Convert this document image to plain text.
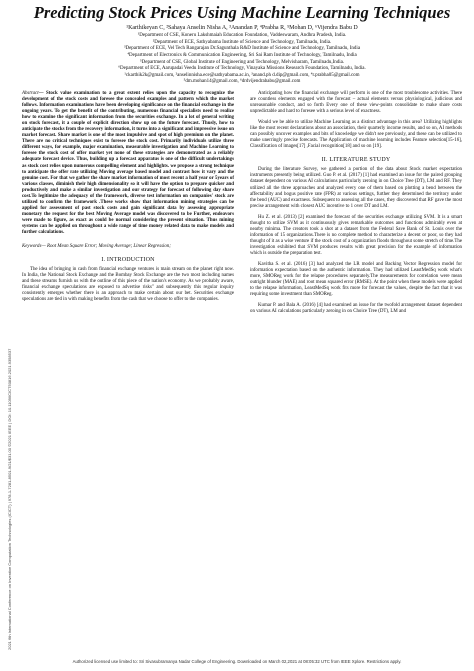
2021 6th International Conference on Inventive Computation Technologies (ICICT) | 978-1-7281-8501-9/21/$31.00 ©2021 IEEE | DOI: 10.1109/ICICT50816.2021.9358537
Predicting Stock Prices Using Machine Learning Techniques
¹Karthikeyan C, ²Sahaya Anselin Nisha A, ³Anandan P, ⁴Prabha R, ⁵Mohan D, ⁶Vijendra Babu D
¹Department of CSE, Koneru Lakshmaiah Education Foundation, Vaddeswaram, Andhra Pradesh, India.
²Department of ECE, Sathyabama Institute of Science and Technology, Tamilnadu, India.
³Department of ECE, Vel Tech Rangarajan Dr.Sagunthala R&D Institute of Science and Technology, Tamilnadu, India
⁴Department of Electronics & Communication Engineering, Sri Sai Ram Institute of Technology, Tamilnadu, India
⁵Department of CSE, Global Institute of Engineering and Technology, Melvisharam, Tamilnadu,India.
⁶Department of ECE, Aarupadai Veedu Institute of Technology, Vinayaka Missions Research Foundation, Tamilnadu, India.
¹ckarthik2k@gmail.com, ²anselinnisha.ece@sathyabama.ac.in, ³anand.ph d.dip@gmail.com, ⁴r.prabha05@gmail.com
⁵dm.mohan14@gmail.com, ⁶drdvijendrababu@gmail.com
Abstract— Stock value examination to a great extent relies upon the capacity to recognize the development of the stock costs and foresee the concealed examples and pattern which the market follows. Information examinations have been developing significance on the financial exchange in the ongoing years. To get the benefit of the contributing, numerous financial specialists need to realize how to examine the significant information from the securities exchange. In a lot of general writing on stock forecast, it a couple of explicit direction show up on the future forecast. Thusly, how to anticipate the stocks from the recovery information, it turns into a significant and impressive issue on market forecast. Share market is one of the most impulsive and spot of high premium on the planet. There are no critical techniques exist to foresee the stock cost. Primarily individuals utilize three different ways, for example, major examination, measurable investigation and Machine Learning to foresee the stock cost of offer market yet none of these strategies are demonstrated as a reliably adequate forecast device. Thus, building up a forecast apparatus is one of the difficult undertakings as stock cost relies upon numerous compelling element and highlights. we propose a strong technique to anticipate the offer rate utilizing Moving average based model and contrast how it vary and the genuine cost. For that we gather the share market information of most recent a half year or 5years of various classes, diminish their high dimensionality so it will have the option to prepare quicker and productively and make a similar investigation and our strategy for forecast of following day share cost.To legitimize the adequacy of the framework, diverse test information on companies' stock are utilized to confirm the framework .These works show that information mining strategies can be applied for assessment of past stock costs and gain significant data by assessing appropriate monetary the request for the best Moving Average model was discovered to be Further, endeavors were made to figure, as exact as could be normal considering the present situation. Thus mining systems can be applied on throughout a wide range of time money related data to make models and further calculations.
Keywords— Root Mean Square Error; Moving Average; Linear Regression;
I. INTRODUCTION

The idea of bringing in cash from financial exchange ventures is main stream on the planet right now. In India, the National Stock Exchange and the Bombay Stock Exchange are the two most including names and these streams furnish us with the outline of this piece of the nation's economy. As we probably aware, financial exchange speculations are exposed to advertise risks" and subsequently this regular inquiry consistently emerges whether there is an approach to make certain about our bet. Securities exchange speculations are tied in with making benefits from the cash that we choose to offer to the companies.

Anticipating how the financial exchange will perform is one of the most troublesome activities. There are countless elements engaged with the forecast – actual elements versus physiological, judicious and unreasonable conduct, and so forth Every one of these view-points consolidate to make share costs unpredictable and hard to foresee with a serious level of exactness.

Would we be able to utilize Machine Learning as a distinct advantage in this area? Utilizing highlights like the most recent declarations about an association, their quarterly income results, and so on, AI methods can possibly uncover examples and bits of knowledge we didn't see previously, and these can be utilized to make unerringly precise forecasts. The Application of machine learning includes Feature selection[15-16], Classification of images[17] ,Facial recognition[18] and so on [19].

II. LITERATURE STUDY

During the literature Survey, we gathered a portion of the data about Stock market expectation instruments presently being utilized. Guo P. et al. (2017) [1] had examined an issue for the paired grouping dataset dependent on various AI calculations particularly zeroing in on Choice Tree (DT), LM and RF. They utilized all the three approaches and analyzed every one of them based on plotting a bend between the affectability and bogus positive rate (FPR) at various settings, further they determined the territory under the bend (AUC) and exactness. Subsequent to assessing all the cases, they discovered that RF gave the most precise arrangement with closest AUC incentive to 1 over DT and LM.

Hu Z. et al. (2013) [2] examined the forecast of the securities exchange utilizing SVM. It is a smart thought to utilize SVM as it continuously gives remarkable outcomes and functions admirably even at nearby minima. The creators took a shot at a dataset from the Federal Save Bank of St. Louis over the information of 15 organizations.There is no complete method to characterize a decent or poor, so they had thought of it as a wise venture if the stock cost of a organization floods throughout some stretch of time.The investigation exhibited that SVM produces results with great precision for the example of information which is outside the preparation test.

Kavitha S. et al. (2016) [3] had analyzed the LR model and Backing Vector Regression model for information expectation based on the authentic information. They had utilized LeastMedSq work what's more, SMOReg work for the relapse procedures separately.The measurements for correlation were mean outright blunder (MAE) and root mean squared error (RMSE). At the point when these models were applied to the relapse information, LeastMedSq work fits more for forecast the values, despite the fact that it was requiring some investment than SMOReg.

Kumar P. and Bala A. (2016) [4] had examined an issue for the twofold arrangement dataset dependent on various AI calculations particularly zeroing in on Choice Tree (DT), LM and

Authorized licensed use limited to: Sri Sivasubramanya Nadar College of Engineering. Downloaded on March 02,2021 at 08:05:32 UTC from IEEE Xplore. Restrictions apply.
